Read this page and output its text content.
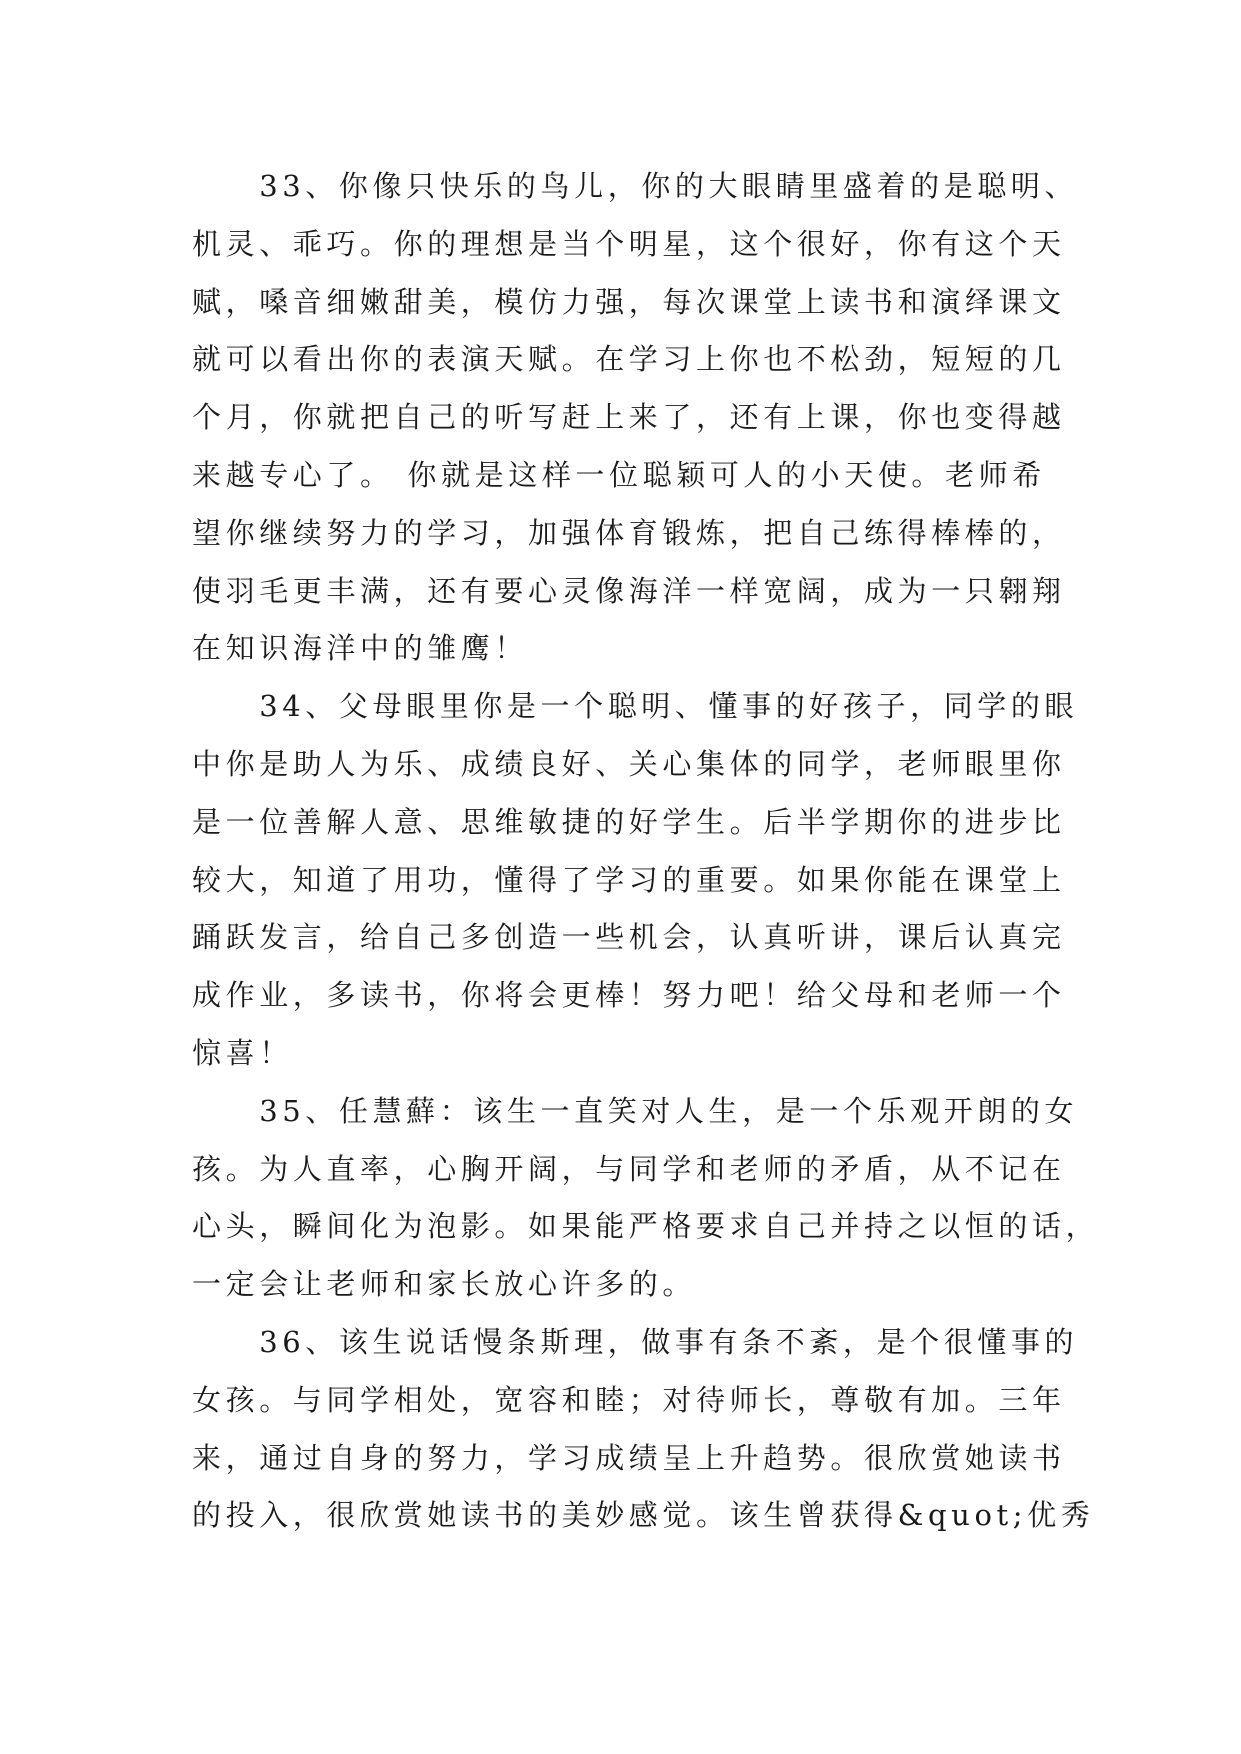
　　33、你像只快乐的鸟儿，你的大眼睛里盛着的是聪明、
机灵、乖巧。你的理想是当个明星，这个很好，你有这个天
赋，嗓音细嫩甜美，模仿力强，每次课堂上读书和演绎课文
就可以看出你的表演天赋。在学习上你也不松劲，短短的几
个月，你就把自己的听写赶上来了，还有上课，你也变得越
来越专心了。 你就是这样一位聪颖可人的小天使。老师希
望你继续努力的学习，加强体育锻炼，把自己练得棒棒的，
使羽毛更丰满，还有要心灵像海洋一样宽阔，成为一只翱翔
在知识海洋中的雏鹰！
　　34、父母眼里你是一个聪明、懂事的好孩子，同学的眼
中你是助人为乐、成绩良好、关心集体的同学，老师眼里你
是一位善解人意、思维敏捷的好学生。后半学期你的进步比
较大，知道了用功，懂得了学习的重要。如果你能在课堂上
踊跃发言，给自己多创造一些机会，认真听讲，课后认真完
成作业，多读书，你将会更棒！努力吧！给父母和老师一个
惊喜！
　　35、任慧蘚：该生一直笑对人生，是一个乐观开朗的女
孩。为人直率，心胸开阔，与同学和老师的矛盾，从不记在
心头，瞬间化为泡影。如果能严格要求自己并持之以恒的话，
一定会让老师和家长放心许多的。
　　36、该生说话慢条斯理，做事有条不紊，是个很懂事的
女孩。与同学相处，宽容和睦；对待师长，尊敬有加。三年
来，通过自身的努力，学习成绩呈上升趋势。很欣赏她读书
的投入，很欣赏她读书的美妙感觉。该生曾获得&quot;优秀
